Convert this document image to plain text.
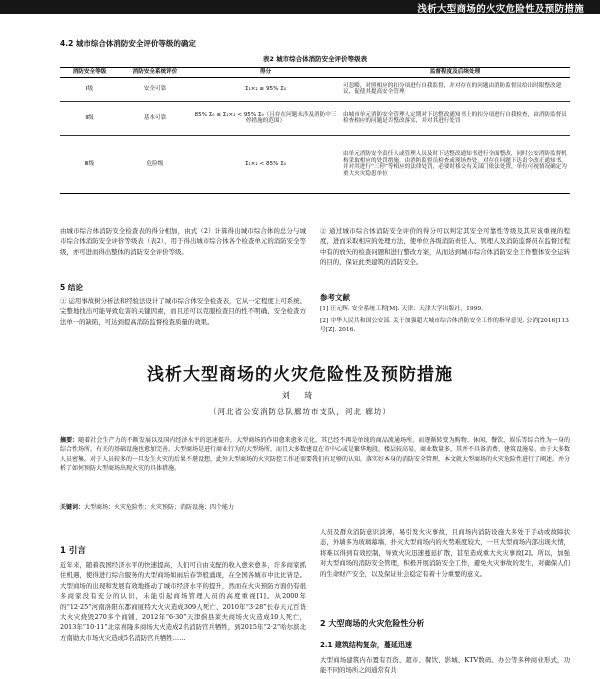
浅析大型商场的火灾危险性及预防措施
4.2 城市综合体消防安全评价等级的确定
表2 城市综合体消防安全评价等级表
消防安全等级	消防安全系统评价	得分	监督程度及后续处理
Ⅰ级	安全可靠	Σ₁×₂ ≥ 95% Σ₀	可忽略，对照相应的扣分项进行自我监督，并对存在的问题由消防监督员给出时限整改建议，促使其提高安全管理
Ⅱ级	基本可靠	85% Σ₀ ≤ Σ₁×₂ < 95% Σ₀（且存在问题未涉及消防中三停措施的范围）	由城市单元消防安全管理人定期对下达整改通知书上的扣分项进行自我检查，由消防监督员检查相应的问题是否整改落实，并对其进行处罚
Ⅲ级	危险级	Σ₁×₂ < 85% Σ₀	由单元消防安全责任人或管理人员及时下达整改通知书进行全面整改，同时公安消防监督机构采取相应的处罚措施。由消防监督员检查或现场查处，对存在问题下达责令改正通知书，并对其进行“三停”等相应的法律处罚，必要时移交有关部门依法处置，单位可视情况确定为重大火灾隐患单位
由城市综合体消防安全检查表的得分相加，由式（2）计算得出城市综合体的总分与城市综合体消防安全评价等级表（表2），用于得出城市综合体各个检查单元的消防安全等级，亦可进而得出整体的消防安全评价等级。
5 结论
① 运用事故树分析法和经验法设计了城市综合体安全检查表，它从一定程度上可系统、完整地找出可能导致危害的关键因素，而且还可以克服检查目的性不明确、安全检查方法单一的缺陷，可达到提高消防监督检查质量的效果。
② 通过城市综合体消防安全评价的得分可以判定其安全可靠性等级及其应该重视的程度，进而采取相应的处理方法，使单位各级消防责任人、管理人及消防监督员在监督过程中有的放矢的检查问题和进行整改方案，从而达到城市综合体消防安全工作整体安全运转的目的，保证此类建筑的消防安全。
参考文献
[1] 汪元辉. 安全系统工程[M]. 天津：天津大学出版社，1999.
[2] 中华人民共和国公安部. 关于加强超大城市综合体消防安全工作的指导意见. 公消[2016]113号[Z]. 2016.
浅析大型商场的火灾危险性及预防措施
刘 琦
（河北省公安消防总队廊坊市支队，河北 廊坊）
摘要：随着社会生产力的不断发展以及国内经济水平的迅速提升，大型商场的作用愈来愈多元化，其已经不再是单纯的商品流通场所，而逐渐转变为购物、休闲、餐饮、娱乐等综合性为一身的综合性场所，有关的基础设施也愈加完善。大型商场是进行商业行为的大型场所，而且大多数建设在市中心或是繁华地段，楼层较高易，商业数量多，其并不具备消费、建筑设施易、由于大多数人员密集，对于人员较多的一旦发生火灾的后果不堪设想，此外大型商场的火灾防控工作还需要我们有足够的认知，落实好本身的消防安全管理，本文就大型商场的火灾危险性进行了阐述，并分析了如何预防大型商场出现火灾的具体措施。
关键词：大型商场；火灾危险性；火灾预防；消防设施；四个能力
1 引言
近年来，随着我国经济水平的快速提高，人们可自由支配的收入愈来愈多，许多商家抓住机遇，使得进行综合服务的大型商场如雨后春笋般涌现，在全国各城市中比比皆是。大型商场的出现和发展有效地推动了城市经济水平的提升，然而在火灾预防方面仍有很多商家没有充分的认识，未能引起商场管理人员的高度重视[1]。从2000年的“12·25”河南洛阳东都商厦特大火灾造成309人死亡、2010年“3·28”长春天元百货大火灾烧毁270多个商铺，2012年“6·30”天津蓟县莱夫商场火灾造成10人死亡，2013年“10·11”北京喜隆多商场大火造成2名消防官兵牺牲，到2015年“2·2”哈尔滨北方南勋大市场火灾造成5名消防官兵牺牲……
人员及群众消防意识淡薄，易引发火灾事故，且商场内消防设施大多处于手动或故障状态，外墙多为玻璃幕墙，扑灭大型商场内的火势难度较大，一旦大型商场内部出现火情，将难以得到有效控制，导致火灾迅速蔓延扩散，甚至造成重大火灾事故[2]。所以，加强对大型商场的消防安全管理，积极开展消防安全工作，避免火灾事故的发生，对确保人们的生命财产安全，以及保证社会稳定有着十分重要的意义。
2 大型商场的火灾危险性分析
2.1 建筑结构复杂，蔓延迅速
大型商场建筑内布置有百货、超市、餐饮、影城、KTV数码、办公等多种商业形式，功能不同的场所之间通常有共
